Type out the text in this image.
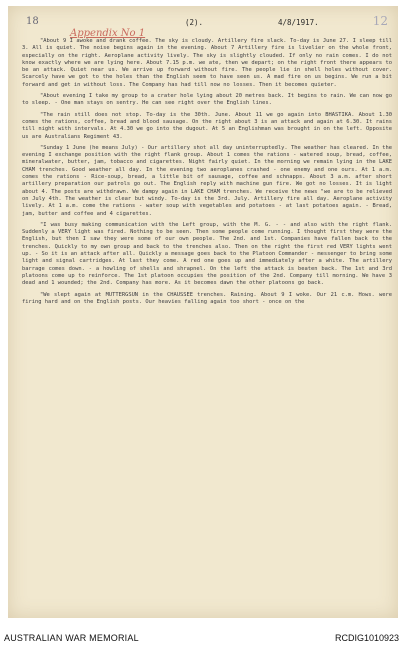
18	12
Appendix No 1
(2).	4/8/1917.

"About 9 I awoke and drank coffee. The sky is cloudy. Artillery fire slack. To-day is June 27. I sleep till 3. All is quiet. The noise begins again in the evening. About 7 Artillery fire is livelier on the whole front, especially on the right. Aeroplane activity lively. The sky is slightly clouded. If only no rain comes. I do not know exactly where we are lying here. About 7.15 p.m. we ate, then we depart; on the right front there appears to be an attack. Quiet near us. We arrive up forward without fire. The people lie in shell holes without cover. Scarcely have we got to the holes than the English seem to have seen us. A mad fire on us begins. We run a bit forward and get in without loss. The Company has had till now no losses. Then it becomes quieter.

"About evening I take my group to a crater hole lying about 20 metres back. It begins to rain. We can now go to sleep. - One man stays on sentry. He can see right over the English lines.

"The rain still does not stop. To-day is the 30th. June. About 11 we go again into BHASTIKA. About 1.30 comes the rations, coffee, bread and blood sausage. On the right about 3 is an attack and again at 6.30. It rains till night with intervals. At 4.30 we go into the dugout. At 5 an Englishman was brought in on the left. Opposite us are Australians Regiment 43.

"Sunday 1 June (he means July) - Our artillery shot all day uninterruptedly. The weather has cleared. In the evening I exchange position with the right flank group. About 1 comes the rations - watered soup, bread, coffee, mineralwater, butter, jam, tobacco and cigarettes. Night fairly quiet. In the morning we remain lying in the LAKE CHAM trenches. Good weather all day. In the evening two aeroplanes crashed - one enemy and one ours. At 1 a.m. comes the rations - Rice-soup, bread, a little bit of sausage, coffee and schnapps. About 3 a.m. after short artillery preparation our patrols go out. The English reply with machine gun fire. We got no losses. It is light about 4. The posts are withdrawn. We dampy again in LAKE CHAM trenches. We receive the news "we are to be relieved on July 4th. The weather is clear but windy. To-day is the 3rd. July. Artillery fire all day. Aeroplane activity lively. At 1 a.m. come the rations - water soup with vegetables and potatoes - at last potatoes again. - Bread, jam, butter and coffee and 4 cigarettes.

"I was busy making communication with the Left group, with the M. G. - - and also with the right flank. Suddenly a VERY light was fired. Nothing to be seen. Then some people come running. I thought first they were the English, but then I saw they were some of our own people. The 2nd. and 1st. Companies have fallen back to the trenches. Quickly to my own group and back to the trenches also. Then on the right the first red VERY lights went up. - So it is an attack after all. Quickly a message goes back to the Platoon Commander - messenger to bring some light and signal cartridges. At last they come. A red one goes up and immediately after a white. The artillery barrage comes down. - a howling of shells and shrapnel. On the left the attack is beaten back. The 1st and 3rd platoons come up to reinforce. The 1st platoon occupies the position of the 2nd. Company till morning. We have 3 dead and 1 wounded; the 2nd. Company has more. As it becomes dawn the other platoons go back.

"We slept again at MUTTERGSUN in the CHAUSSEE trenches. Raining. About 9 I woke. Our 21 c.m. Hows. were firing hard and on the English posts. Our heavies falling again too short - once on the

AUSTRALIAN WAR MEMORIAL	RCDIG1010923
